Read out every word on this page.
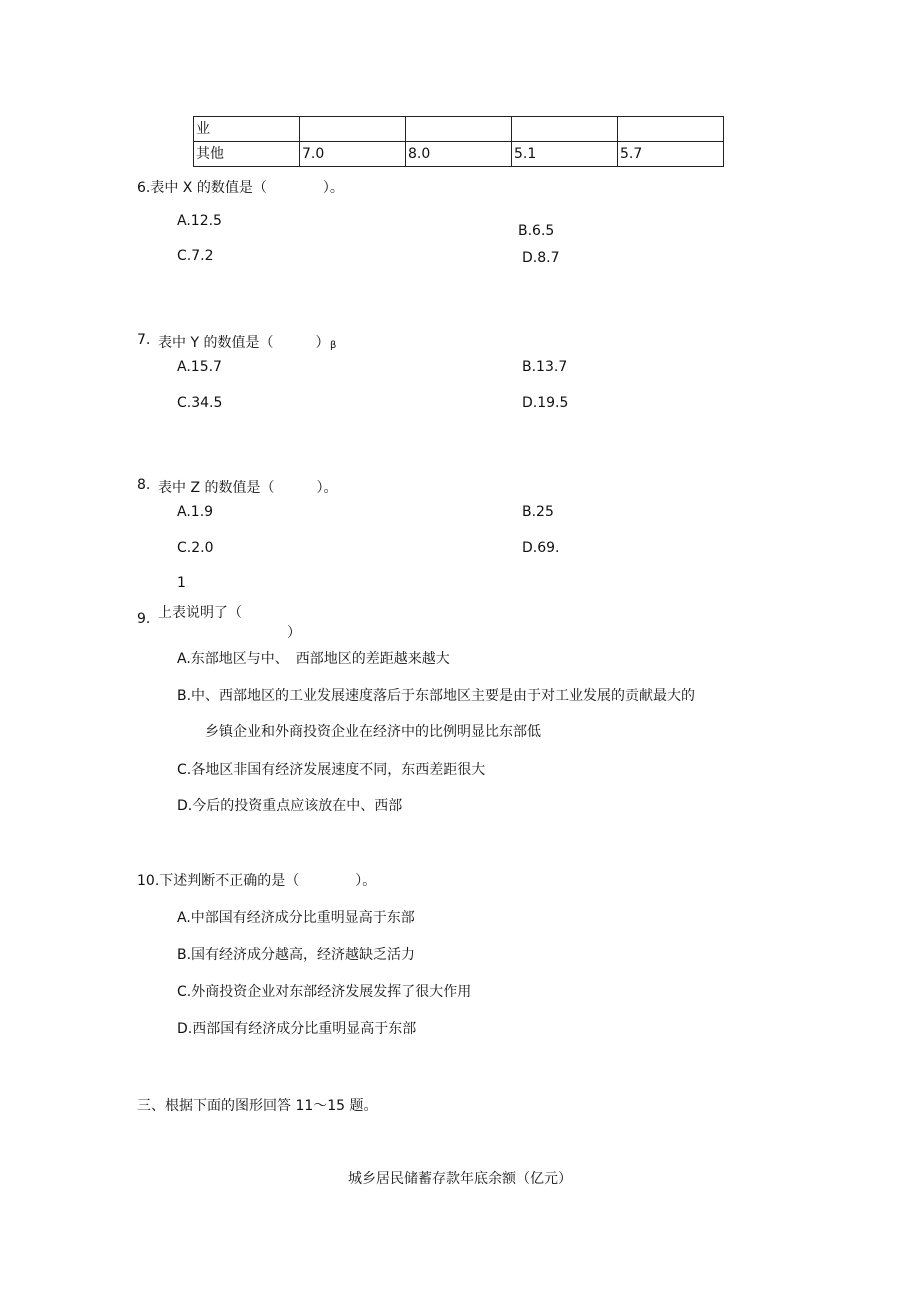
业				
其他	7.0	8.0	5.1	5.7
6.表中 X 的数值是（　　　　）。
A.12.5
B.6.5
C.7.2	D.8.7
7. 表中 Y 的数值是（　　　） β
A.15.7	B.13.7
C.34.5	D.19.5
8. 表中 Z 的数值是（　　　）。
A.1.9	B.25
C.2.0	D.69.
1
上表说明了（
9.
）
A.东部地区与中、　西部地区的差距越来越大
B.中、西部地区的工业发展速度落后于东部地区主要是由于对工业发展的贡献最大的
乡镇企业和外商投资企业在经济中的比例明显比东部低
C.各地区非国有经济发展速度不同，东西差距很大
D.今后的投资重点应该放在中、西部
10.下述判断不正确的是（　　　　）。
A.中部国有经济成分比重明显高于东部
B.国有经济成分越高，经济越缺乏活力
C.外商投资企业对东部经济发展发挥了很大作用
D.西部国有经济成分比重明显高于东部
三、根据下面的图形回答 11～15 题。
城乡居民储蓄存款年底余额（亿元）
